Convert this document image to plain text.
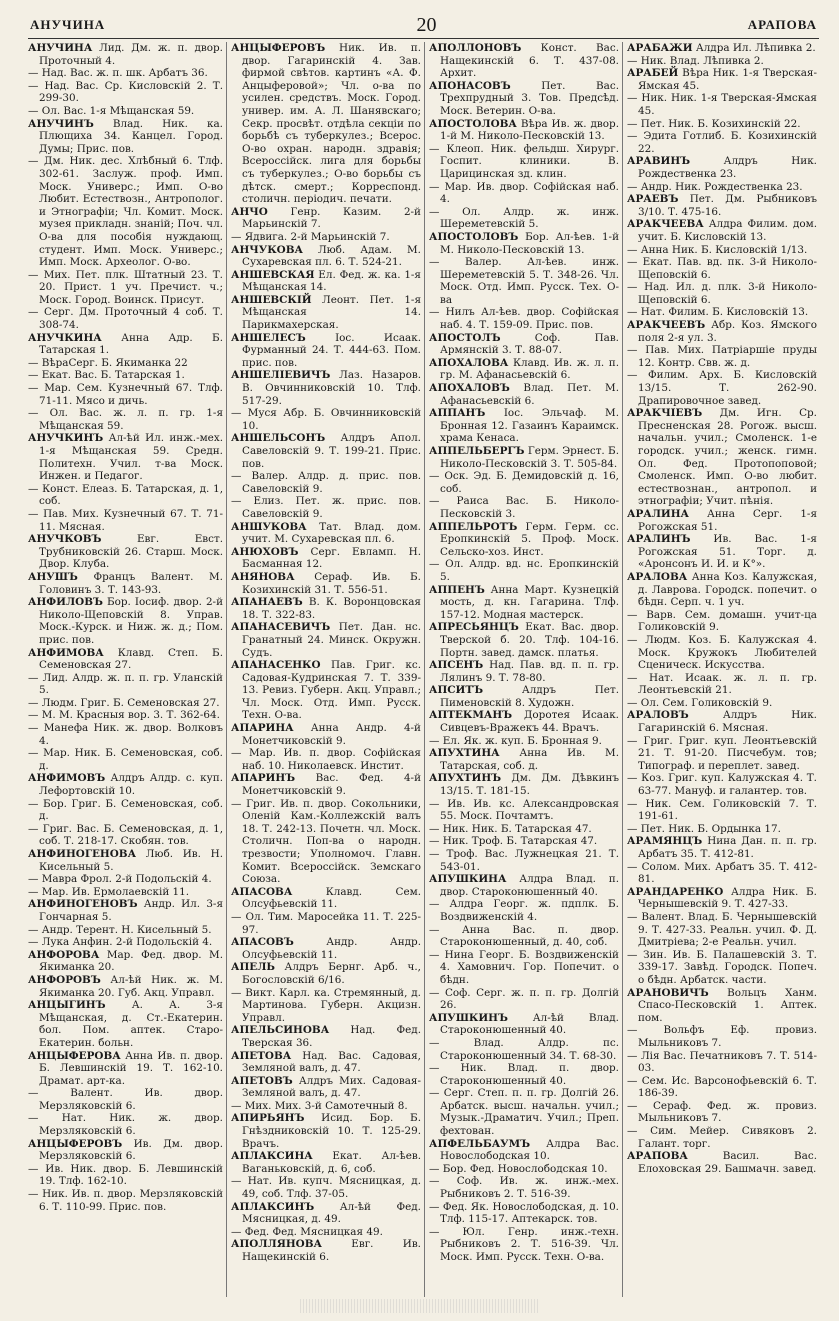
АНУЧИНА	20	АРАПОВА

АНУЧИНА Лид. Дм. ж. п. двор. Проточный 4.

— Над. Вас. ж. п. шк. Арбатъ 36.

— Над. Вас. Ср. Кисловскій 2. Т. 299-30.

— Ол. Вас. 1-я Мѣщанская 59.

АНУЧИНЪ Влад. Ник. ка. Плющиха 34. Канцел. Город. Думы; Прис. пов.

— Дм. Ник. дес. Хлѣбный 6. Тлф. 302-61. Заслуж. проф. Имп. Моск. Универс.; Имп. О-во Любит. Естествозн., Антрополог. и Этнографіи; Чл. Комит. Моск. музея прикладн. знаній; Поч. чл. О-ва для пособія нуждающ. студент. Имп. Моск. Универс.; Имп. Моск. Археолог. О-во.

— Мих. Пет. плк. Штатный 23. Т. 20. Прист. 1 уч. Пречист. ч.; Моск. Город. Воинск. Присут.

— Серг. Дм. Проточный 4 соб. Т. 308-74.

АНУЧКИНА Анна Адр. Б. Татарская 1.

— ВѣраСерг. Б. Якиманка 22

— Екат. Вас. Б. Татарская 1.

— Мар. Сем. Кузнечный 67. Тлф. 71-11. Мясо и дичь.

— Ол. Вас. ж. л. п. гр. 1-я Мѣщанская 59.

АНУЧКИНЪ Ал-ѣй Ил. инж.-мех. 1-я Мѣщанская 59. Средн. Политехн. Учил. т-ва Моск. Инжен. и Педагог.

— Конст. Елеаз. Б. Татарская, д. 1, соб.

— Пав. Мих. Кузнечный 67. Т. 71-11. Мясная.

АНУЧКОВЪ Евг. Евст. Трубниковскій 26. Старш. Моск. Двор. Клуба.

АНУШЪ Францъ Валент. М. Головинъ 3. Т. 143-93.

АНФИЛОВЪ Бор. Іосиф. двор. 2-й Николо-Щеповскій 8. Управ. Моск.-Курск. и Ниж. ж. д.; Пом. прис. пов.

АНФИМОВА Клавд. Степ. Б. Семеновская 27.

— Лид. Алдр. ж. п. п. гр. Уланскій 5.

— Людм. Григ. Б. Семеновская 27.

— М. М. Красныя вор. 3. Т. 362-64.

— Манефа Ник. ж. двор. Волковъ 4.

— Мар. Ник. Б. Семеновская, соб. д.

АНФИМОВЪ Алдръ Алдр. с. куп. Лефортовскій 10.

— Бор. Григ. Б. Семеновская, соб. д.

— Григ. Вас. Б. Семеновская, д. 1, соб. Т. 218-17. Скобян. тов.

АНФИНОГЕНОВА Люб. Ив. Н. Кисельный 5.

— Мавра Фрол. 2-й Подольскій 4.

— Мар. Ив. Ермолаевскій 11.

АНФИНОГЕНОВЪ Андр. Ил. 3-я Гончарная 5.

— Андр. Терент. Н. Кисельный 5.

— Лука Анфин. 2-й Подольскій 4.

АНФОРОВА Мар. Фед. двор. М. Якиманка 20.

АНФОРОВЪ Ал-ѣй Ник. ж. М. Якиманка 20. Губ. Акц. Управл.

АНЦЫГИНЪ А. А. 3-я Мѣщанская, д. Ст.-Екатерин. бол. Пом. аптек. Старо-Екатерин. больн.

АНЦЫФЕРОВА Анна Ив. п. двор. Б. Левшинскій 19. Т. 162-10. Драмат. арт-ка.

— Валент. Ив. двор. Мерзляковскій 6.

— Нат. Ник. ж. двор. Мерзляковскій 6.

АНЦЫФЕРОВЪ Ив. Дм. двор. Мерзляковскій 6.

— Ив. Ник. двор. Б. Левшинскій 19. Тлф. 162-10.

— Ник. Ив. п. двор. Мерзляковскій 6. Т. 110-99. Прис. пов.

АНЦЫФЕРОВЪ Ник. Ив. п. двор. Гагаринскій 4. Зав. фирмой свѣтов. картинъ «А. Ф. Анцыферовой»; Чл. о-ва по усилен. средствъ. Моск. Город. универ. им. А. Л. Шанявскаго; Секр. просвѣт. отдѣла секціи по борьбѣ съ туберкулез.; Всерос. О-во охран. народн. здравія; Всероссійск. лига для борьбы съ туберкулез.; О-во борьбы съ дѣтск. смерт.; Корреспонд. столичн. періодич. печати.

АНЧО Генр. Казим. 2-й Марьинскій 7.

— Ядвига. 2-й Марьинскій 7.

АНЧУКОВА Люб. Адам. М. Сухаревская пл. 6. Т. 524-21.

АНШЕВСКАЯ Ел. Фед. ж. ка. 1-я Мѣщанская 14.

АНШЕВСКІЙ Леонт. Пет. 1-я Мѣщанская 14. Парикмахерская.

АНШЕЛЕСЪ Іос. Исаак. Фурманный 24. Т. 444-63. Пом. прис. пов.

АНШЕЛІЕВИЧЪ Лаз. Назаров. В. Овчинниковскій 10. Тлф. 517-29.

— Муся Абр. Б. Овчинниковскій 10.

АНШЕЛЬСОНЪ Алдръ Апол. Савеловскій 9. Т. 199-21. Прис. пов.

— Валер. Алдр. д. прис. пов. Савеловскій 9.

— Елиз. Пет. ж. прис. пов. Савеловскій 9.

АНШУКОВА Тат. Влад. дом. учит. М. Сухаревская пл. 6.

АНЮХОВЪ Серг. Евламп. Н. Басманная 12.

АНЯНОВА Сераф. Ив. Б. Козихинскій 31. Т. 556-51.

АПАНАЕВЪ В. К. Воронцовская 18. Т. 322-83.

АПАНАСЕВИЧЪ Пет. Дан. нс. Гранатный 24. Минск. Окружн. Судъ.

АПАНАСЕНКО Пав. Григ. кс. Садовая-Кудринская 7. Т. 339-13. Ревиз. Губерн. Акц. Управл.; Чл. Моск. Отд. Имп. Русск. Техн. О-ва.

АПАРИНА Анна Андр. 4-й Монетчиковскій 9.

— Мар. Ив. п. двор. Софійская наб. 10. Николаевск. Инстит.

АПАРИНЪ Вас. Фед. 4-й Монетчиковскій 9.

— Григ. Ив. п. двор. Сокольники, Оленій Кам.-Коллежскій валъ 18. Т. 242-13. Почетн. чл. Моск. Столичн. Поп-ва о народн. трезвости; Уполномоч. Главн. Комит. Всероссійск. Земскаго Союза.

АПАСОВА Клавд. Сем. Олсуфьевскій 11.

— Ол. Тим. Маросейка 11. Т. 225-97.

АПАСОВЪ Андр. Андр. Олсуфьевскій 11.

АПЕЛЬ Алдръ Бернг. Арб. ч., Богословскій 6/16.

— Викт. Карл. ка. Стремянный, д. Мартинова. Губерн. Акцизн. Управл.

АПЕЛЬСИНОВА Над. Фед. Тверская 36.

АПЕТОВА Над. Вас. Садовая, Земляной валъ, д. 47.

АПЕТОВЪ Алдръ Мих. Садовая-Земляной валъ, д. 47.

— Мих. Мих. 3-й Самотечный 8.

АПИРЬЯНЪ Исид. Бор. Б. Гнѣздниковскій 10. Т. 125-29. Врачъ.

АПЛАКСИНА Екат. Ал-ѣев. Ваганьковскій, д. 6, соб.

— Нат. Ив. купч. Мясницкая, д. 49, соб. Тлф. 37-05.

АПЛАКСИНЪ Ал-ѣй Фед. Мясницкая, д. 49.

— Фед. Фед. Мясницкая 49.

АПОЛЛЯНОВА Евг. Ив. Нащекинскій 6.

АПОЛЛОНОВЪ Конст. Вас. Нащекинскій 6. Т. 437-08. Архит.

АПОНАСОВЪ Пет. Вас. Трехпрудный 3. Тов. Предсѣд. Моск. Ветерин. О-ва.

АПОСТОЛОВА Вѣра Ив. ж. двор. 1-й М. Николо-Песковскій 13.

— Клеоп. Ник. фельдш. Хирург. Госпит. клиники. В. Царицинская зд. клин.

— Мар. Ив. двор. Софійская наб. 4.

— Ол. Алдр. ж. инж. Шереметевскій 5.

АПОСТОЛОВЪ Бор. Ал-ѣев. 1-й М. Николо-Песковскій 13.

— Валер. Ал-ѣев. инж. Шереметевскій 5. Т. 348-26. Чл. Моск. Отд. Имп. Русск. Тех. О-ва

— Нилъ Ал-ѣев. двор. Софійская наб. 4. Т. 159-09. Прис. пов.

АПОСТОЛЪ Соф. Пав. Армянскій 3. Т. 88-07.

АПОХАЛОВА Клавд. Ив. ж. л. п. гр. М. Афанасьевскій 6.

АПОХАЛОВЪ Влад. Пет. М. Афанасьевскій 6.

АППАНЪ Іос. Эльчаф. М. Бронная 12. Газаинъ Караимск. храма Кенаса.

АППЕЛЬБЕРГЪ Герм. Эрнест. Б. Николо-Песковскій 3. Т. 505-84.

— Оск. Эд. Б. Демидовскій д. 16, соб.

— Раиса Вас. Б. Николо-Песковскій 3.

АППЕЛЬРОТЪ Герм. Герм. сс. Еропкинскій 5. Проф. Моск. Сельско-хоз. Инст.

— Ол. Алдр. вд. нс. Еропкинскій 5.

АППЕНЪ Анна Март. Кузнецкій мость, д. кн. Гагарина. Тлф. 157-12. Модная мастерск.

АПРЕСЬЯНЦЪ Екат. Вас. двор. Тверской б. 20. Тлф. 104-16. Портн. завед. дамск. платья.

АПСЕНЪ Над. Пав. вд. п. п. гр. Лялинъ 9. Т. 78-80.

АПСИТЪ Алдръ Пет. Пименовскій 8. Художн.

АПТЕКМАНЪ Доротея Исаак. Сивцевъ-Вражекъ 44. Врачъ.

— Ел. Як. ж. куп. Б. Бронная 9.

АПУХТИНА Анна Ив. М. Татарская, соб. д.

АПУХТИНЪ Дм. Дм. Дѣвкинъ 13/15. Т. 181-15.

— Ив. Ив. кс. Александровская 55. Моск. Почтамтъ.

— Ник. Ник. Б. Татарская 47.

— Ник. Троф. Б. Татарская 47.

— Троф. Вас. Лужнецкая 21. Т. 543-01.

АПУШКИНА Алдра Влад. п. двор. Староконюшенный 40.

— Алдра Георг. ж. пдплк. Б. Воздвиженскій 4.

— Анна Вас. п. двор. Староконюшенный, д. 40, соб.

— Нина Георг. Б. Воздвиженскій 4. Хамовнич. Гор. Попечит. о бѣдн.

— Соф. Серг. ж. п. п. гр. Долгій 26.

АПУШКИНЪ Ал-ѣй Влад. Староконюшенный 40.

— Влад. Алдр. пс. Староконюшенный 34. Т. 68-30.

— Ник. Влад. п. двор. Староконюшенный 40.

— Серг. Степ. п. п. гр. Долгій 26. Арбатск. высш. начальн. учил.; Музык.-Драматич. Учил.; Преп. фехтован.

АПФЕЛЬБАУМЪ Алдра Вас. Новослободская 10.

— Бор. Фед. Новослободская 10.

— Соф. Ив. ж. инж.-мех. Рыбниковъ 2. Т. 516-39.

— Фед. Як. Новослободская, д. 10. Тлф. 115-17. Аптекарск. тов.

— Юл. Генр. инж.-техн. Рыбниковъ 2. Т. 516-39. Чл. Моск. Имп. Русск. Техн. О-ва.

АРАБАЖИ Алдра Ил. Лѣпивка 2.

— Ник. Влад. Лѣпивка 2.

АРАБЕЙ Вѣра Ник. 1-я Тверская-Ямская 45.

— Ник. Ник. 1-я Тверская-Ямская 45.

— Пет. Ник. Б. Козихинскій 22.

— Эдита Готлиб. Б. Козихинскій 22.

АРАВИНЪ Алдръ Ник. Рождественка 23.

— Андр. Ник. Рождественка 23.

АРАЕВЪ Пет. Дм. Рыбниковъ 3/10. Т. 475-16.

АРАКЧЕЕВА Алдра Филим. дом. учит. Б. Кисловскій 13.

— Анна Ник. Б. Кисловскій 1/13.

— Екат. Пав. вд. пк. 3-й Николо-Щеповскій 6.

— Над. Ил. д. плк. 3-й Николо-Щеповскій 6.

— Нат. Филим. Б. Кисловскій 13.

АРАКЧЕЕВЪ Абр. Коз. Ямского поля 2-я ул. 3.

— Пав. Мих. Патріаршіе пруды 12. Контр. Свв. ж. д.

— Филим. Арх. Б. Кисловскій 13/15. Т. 262-90. Драпировочное завед.

АРАКЧІЕВЪ Дм. Игн. Ср. Пресненская 28. Рогож. высш. начальн. учил.; Смоленск. 1-е городск. учил.; женск. гимн. Ол. Фед. Протопоповой; Смоленск. Имп. О-во любит. естествознан., антропол. и этнографіи; Учит. пѣнія.

АРАЛИНА Анна Серг. 1-я Рогожская 51.

АРАЛИНЪ Ив. Вас. 1-я Рогожская 51. Торг. д. «Аронсонъ И. И. и К°».

АРАЛОВА Анна Коз. Калужская, д. Лаврова. Городск. попечит. о бѣдн. Серп. ч. 1 уч.

— Варв. Сем. домашн. учит-ца Голиковскій 9.

— Людм. Коз. Б. Калужская 4. Моск. Кружокъ Любителей Сценическ. Искусства.

— Нат. Исаак. ж. л. п. гр. Леонтьевскій 21.

— Ол. Сем. Голиковскій 9.

АРАЛОВЪ Алдръ Ник. Гагаринскій 6. Мясная.

— Григ. Григ. куп. Леонтьевскій 21. Т. 91-20. Писчебум. тов; Типограф. и переплет. завед.

— Коз. Григ. куп. Калужская 4. Т. 63-77. Мануф. и галантер. тов.

— Ник. Сем. Голиковскій 7. Т. 191-61.

— Пет. Ник. Б. Ордынка 17.

АРАМЯНЦЪ Нина Дан. п. п. гр. Арбатъ 35. Т. 412-81.

— Солом. Мих. Арбатъ 35. Т. 412-81.

АРАНДАРЕНКО Алдра Ник. Б. Чернышевскій 9. Т. 427-33.

— Валент. Влад. Б. Чернышевскій 9. Т. 427-33. Реальн. учил. Ф. Д. Дмитріева; 2-е Реальн. учил.

— Зин. Ив. Б. Палашевскій 3. Т. 339-17. Завѣд. Городск. Попеч. о бѣдн. Арбатск. части.

АРАНОВИЧЪ Вольцъ Ханм. Спасо-Песковскій 1. Аптек. пом.

— Вольфъ Еф. провиз. Мыльниковъ 7.

— Лія Вас. Печатниковъ 7. Т. 514-03.

— Сем. Ис. Варсонофьевскій 6. Т. 186-39.

— Сераф. Фед. ж. провиз. Мыльниковъ 7.

— Сим. Мейер. Сивяковъ 2. Галант. торг.

АРАПОВА Васил. Вас. Елоховская 29. Башмачн. завед.
